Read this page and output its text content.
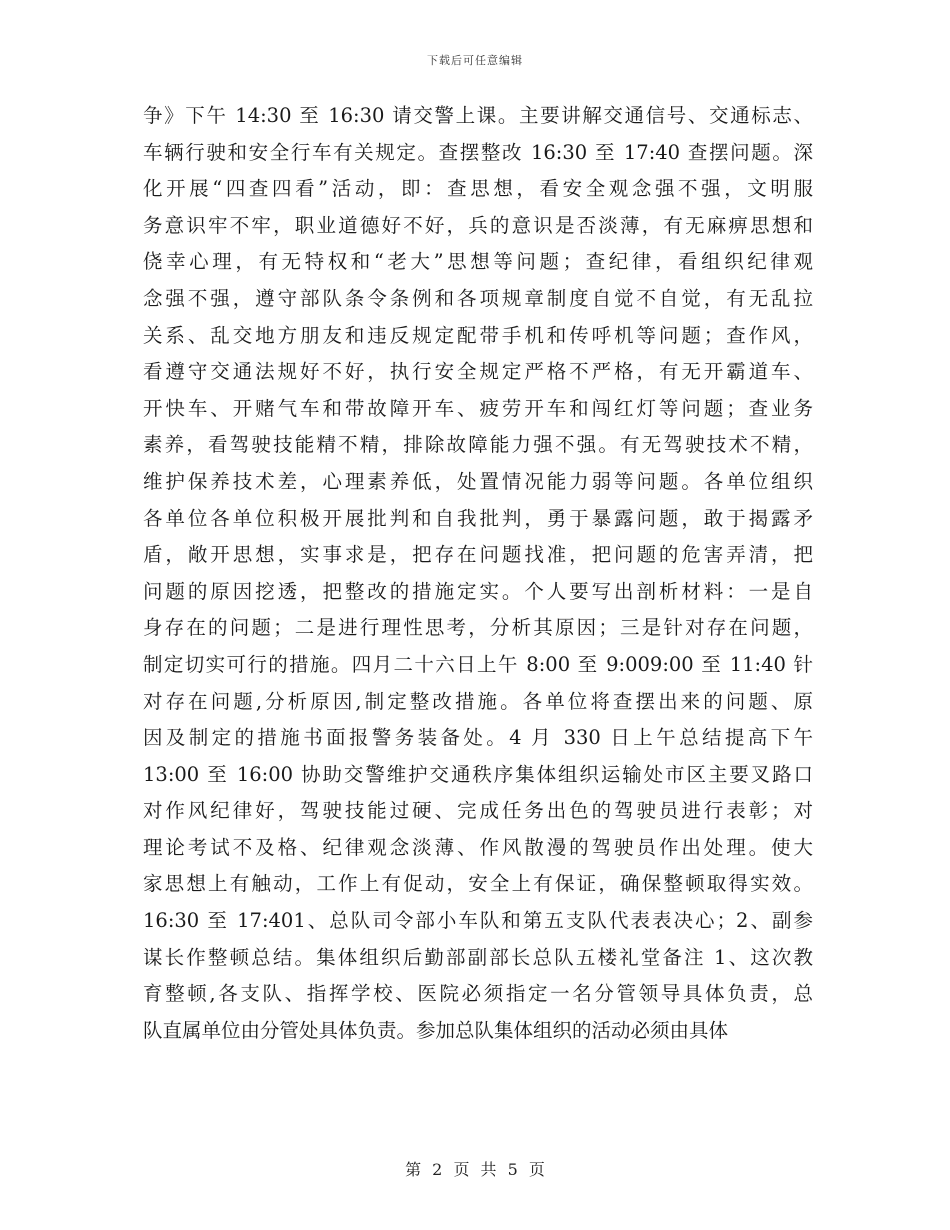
下载后可任意编辑
争》下午 14:30 至 16:30 请交警上课。主要讲解交通信号、交通标志、
车辆行驶和安全行车有关规定。查摆整改 16:30 至 17:40 查摆问题。深
化开展“四查四看”活动，即：查思想，看安全观念强不强，文明服
务意识牢不牢，职业道德好不好，兵的意识是否淡薄，有无麻痹思想和
侥幸心理，有无特权和“老大”思想等问题；查纪律，看组织纪律观
念强不强，遵守部队条令条例和各项规章制度自觉不自觉，有无乱拉
关系、乱交地方朋友和违反规定配带手机和传呼机等问题；查作风，
看遵守交通法规好不好，执行安全规定严格不严格，有无开霸道车、
开快车、开赌气车和带故障开车、疲劳开车和闯红灯等问题；查业务
素养，看驾驶技能精不精，排除故障能力强不强。有无驾驶技术不精，
维护保养技术差，心理素养低，处置情况能力弱等问题。各单位组织
各单位各单位积极开展批判和自我批判，勇于暴露问题，敢于揭露矛
盾，敞开思想，实事求是，把存在问题找准，把问题的危害弄清，把
问题的原因挖透，把整改的措施定实。个人要写出剖析材料：一是自
身存在的问题；二是进行理性思考，分析其原因；三是针对存在问题，
制定切实可行的措施。四月二十六日上午 8:00 至 9:009:00 至 11:40 针
对存在问题,分析原因,制定整改措施。各单位将查摆出来的问题、原
因及制定的措施书面报警务装备处。4 月 330 日上午总结提高下午
13:00 至 16:00 协助交警维护交通秩序集体组织运输处市区主要叉路口
对作风纪律好，驾驶技能过硬、完成任务出色的驾驶员进行表彰；对
理论考试不及格、纪律观念淡薄、作风散漫的驾驶员作出处理。使大
家思想上有触动，工作上有促动，安全上有保证，确保整顿取得实效。
16:30 至 17:401、总队司令部小车队和第五支队代表表决心；2、副参
谋长作整顿总结。集体组织后勤部副部长总队五楼礼堂备注 1、这次教
育整顿,各支队、指挥学校、医院必须指定一名分管领导具体负责，总
队直属单位由分管处具体负责。参加总队集体组织的活动必须由具体
第 2 页 共 5 页
